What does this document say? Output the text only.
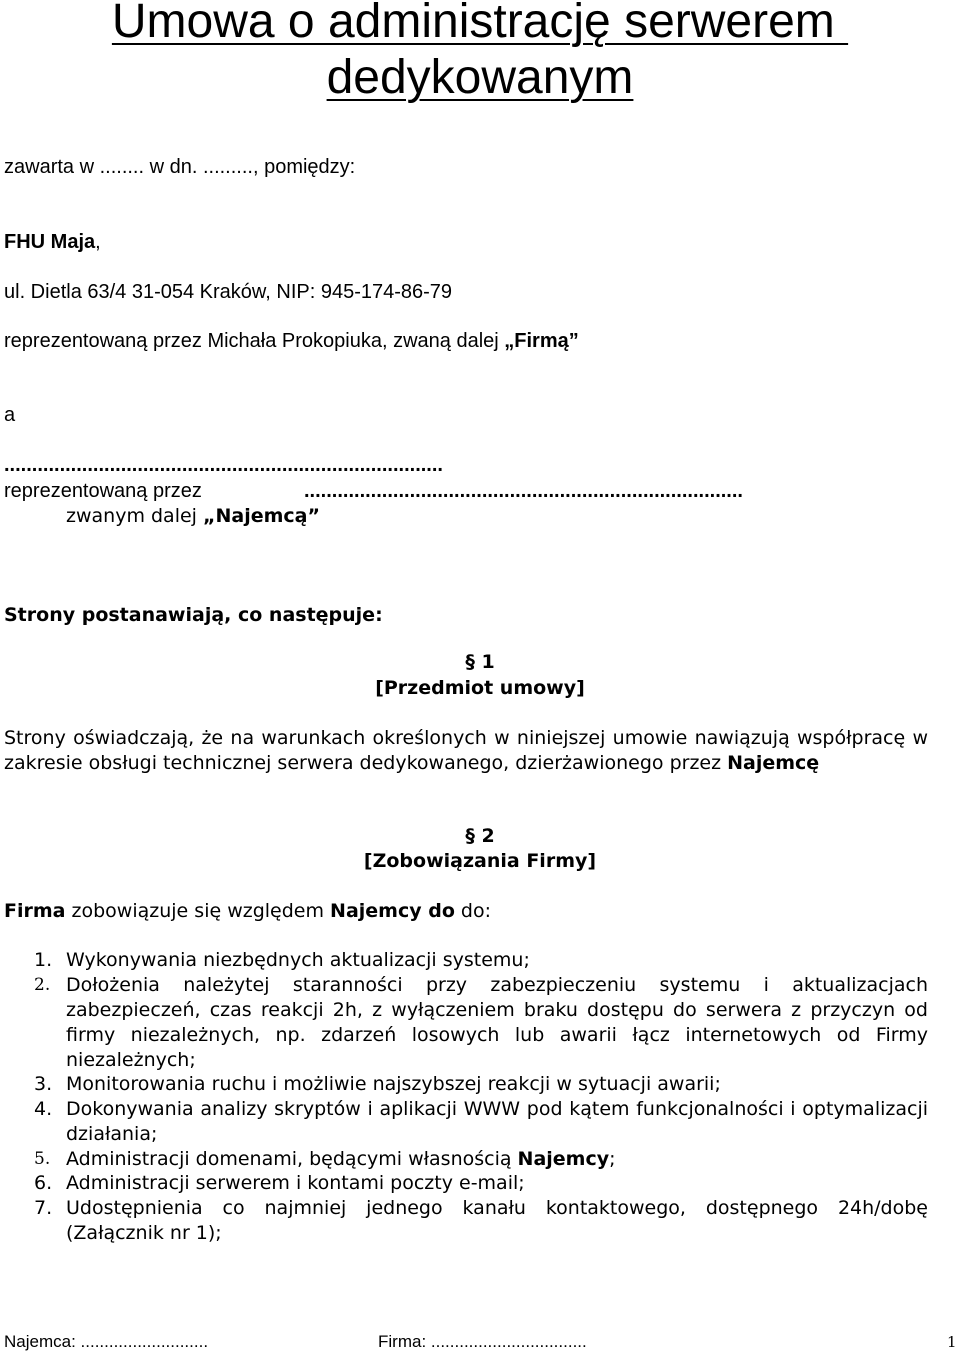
Umowa o administrację serwerem
dedykowanym
zawarta w ........ w dn. ........., pomiędzy:
FHU Maja,
ul. Dietla 63/4 31-054 Kraków, NIP: 945-174-86-79
reprezentowaną przez Michała Prokopiuka, zwaną dalej „Firmą”
a
...............................................................................
reprezentowaną przez	...............................................................................
zwanym dalej „Najemcą”
Strony postanawiają, co następuje:
§ 1
[Przedmiot umowy]
Strony oświadczają, że na warunkach określonych w niniejszej umowie nawiązują współpracę w zakresie obsługi technicznej serwera dedykowanego, dzierżawionego przez Najemcę
§ 2
[Zobowiązania Firmy]
Firma zobowiązuje się względem Najemcy do do:
1. Wykonywania niezbędnych aktualizacji systemu;
2. Dołożenia należytej staranności przy zabezpieczeniu systemu i aktualizacjach zabezpieczeń, czas reakcji 2h, z wyłączeniem braku dostępu do serwera z przyczyn od firmy niezależnych, np. zdarzeń losowych lub awarii łącz internetowych od Firmy niezależnych;
3. Monitorowania ruchu i możliwie najszybszej reakcji w sytuacji awarii;
4. Dokonywania analizy skryptów i aplikacji WWW pod kątem funkcjonalności i optymalizacji działania;
5. Administracji domenami, będącymi własnością Najemcy;
6. Administracji serwerem i kontami poczty e-mail;
7. Udostępnienia co najmniej jednego kanału kontaktowego, dostępnego 24h/dobę (Załącznik nr 1);
Najemca: ...........................	Firma: .................................	1
